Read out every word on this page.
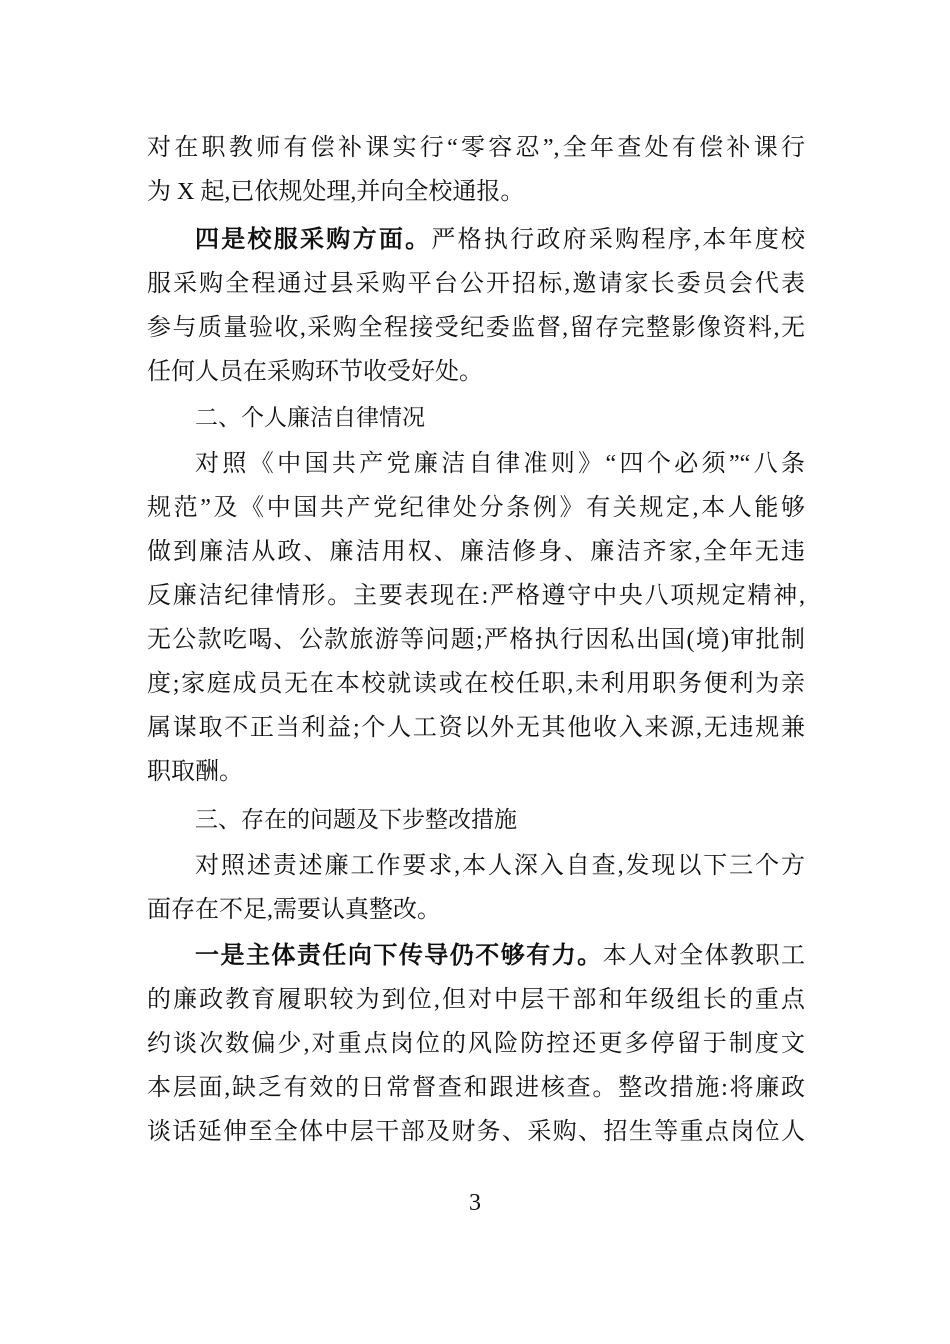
对在职教师有偿补课实行“零容忍”,全年查处有偿补课行
为 X 起,已依规处理,并向全校通报。
四是校服采购方面。严格执行政府采购程序,本年度校
服采购全程通过县采购平台公开招标,邀请家长委员会代表
参与质量验收,采购全程接受纪委监督,留存完整影像资料,无
任何人员在采购环节收受好处。
二、个人廉洁自律情况
对照《中国共产党廉洁自律准则》“四个必须”“八条
规范”及《中国共产党纪律处分条例》有关规定,本人能够
做到廉洁从政、廉洁用权、廉洁修身、廉洁齐家,全年无违
反廉洁纪律情形。主要表现在:严格遵守中央八项规定精神,
无公款吃喝、公款旅游等问题;严格执行因私出国(境)审批制
度;家庭成员无在本校就读或在校任职,未利用职务便利为亲
属谋取不正当利益;个人工资以外无其他收入来源,无违规兼
职取酬。
三、存在的问题及下步整改措施
对照述责述廉工作要求,本人深入自查,发现以下三个方
面存在不足,需要认真整改。
一是主体责任向下传导仍不够有力。本人对全体教职工
的廉政教育履职较为到位,但对中层干部和年级组长的重点
约谈次数偏少,对重点岗位的风险防控还更多停留于制度文
本层面,缺乏有效的日常督查和跟进核查。整改措施:将廉政
谈话延伸至全体中层干部及财务、采购、招生等重点岗位人
3
